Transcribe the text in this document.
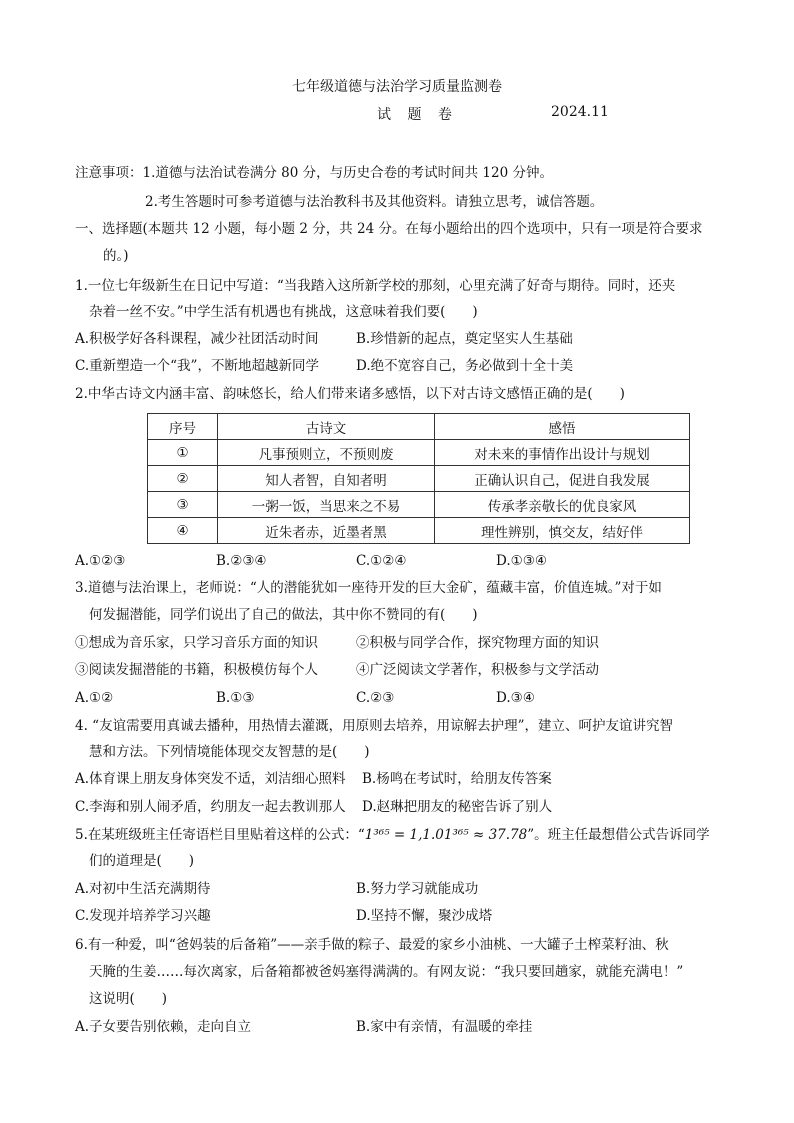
七年级道德与法治学习质量监测卷
试 题 卷	2024.11
注意事项：1.道德与法治试卷满分 80 分，与历史合卷的考试时间共 120 分钟。
2.考生答题时可参考道德与法治教科书及其他资料。请独立思考，诚信答题。
一、选择题(本题共 12 小题，每小题 2 分，共 24 分。在每小题给出的四个选项中，只有一项是符合要求
的。)
1.一位七年级新生在日记中写道：“当我踏入这所新学校的那刻，心里充满了好奇与期待。同时，还夹
杂着一丝不安。”中学生活有机遇也有挑战，这意味着我们要(　　)
A.积极学好各科课程，减少社团活动时间	B.珍惜新的起点，奠定坚实人生基础
C.重新塑造一个“我”，不断地超越新同学	D.绝不宽容自己，务必做到十全十美
2.中华古诗文内涵丰富、韵味悠长，给人们带来诸多感悟，以下对古诗文感悟正确的是(　　)
序号	古诗文	感悟
①	凡事预则立，不预则废	对未来的事情作出设计与规划
②	知人者智，自知者明	正确认识自己，促进自我发展
③	一粥一饭，当思来之不易	传承孝亲敬长的优良家风
④	近朱者赤，近墨者黑	理性辨别，慎交友，结好伴
A.①②③	B.②③④	C.①②④	D.①③④
3.道德与法治课上，老师说：“人的潜能犹如一座待开发的巨大金矿，蕴藏丰富，价值连城。”对于如
何发掘潜能，同学们说出了自己的做法，其中你不赞同的有(　　)
①想成为音乐家，只学习音乐方面的知识	②积极与同学合作，探究物理方面的知识
③阅读发掘潜能的书籍，积极模仿每个人	④广泛阅读文学著作，积极参与文学活动
A.①②	B.①③	C.②③	D.③④
4. “友谊需要用真诚去播种，用热情去灌溉，用原则去培养，用谅解去护理”，建立、呵护友谊讲究智
慧和方法。下列情境能体现交友智慧的是(　　)
A.体育课上朋友身体突发不适，刘洁细心照料 B.杨鸣在考试时，给朋友传答案
C.李海和别人闹矛盾，约朋友一起去教训那人 D.赵琳把朋友的秘密告诉了别人
5.在某班级班主任寄语栏目里贴着这样的公式：“1³⁶⁵ = 1,1.01³⁶⁵ ≈ 37.78”。班主任最想借公式告诉同学
们的道理是(　　)
A.对初中生活充满期待	B.努力学习就能成功
C.发现并培养学习兴趣	D.坚持不懈，聚沙成塔
6.有一种爱，叫“爸妈装的后备箱”——亲手做的粽子、最爱的家乡小油桃、一大罐子土榨菜籽油、秋
天腌的生姜……每次离家，后备箱都被爸妈塞得满满的。有网友说：“我只要回趟家，就能充满电！”
这说明(　　)
A.子女要告别依赖，走向自立	B.家中有亲情，有温暖的牵挂
